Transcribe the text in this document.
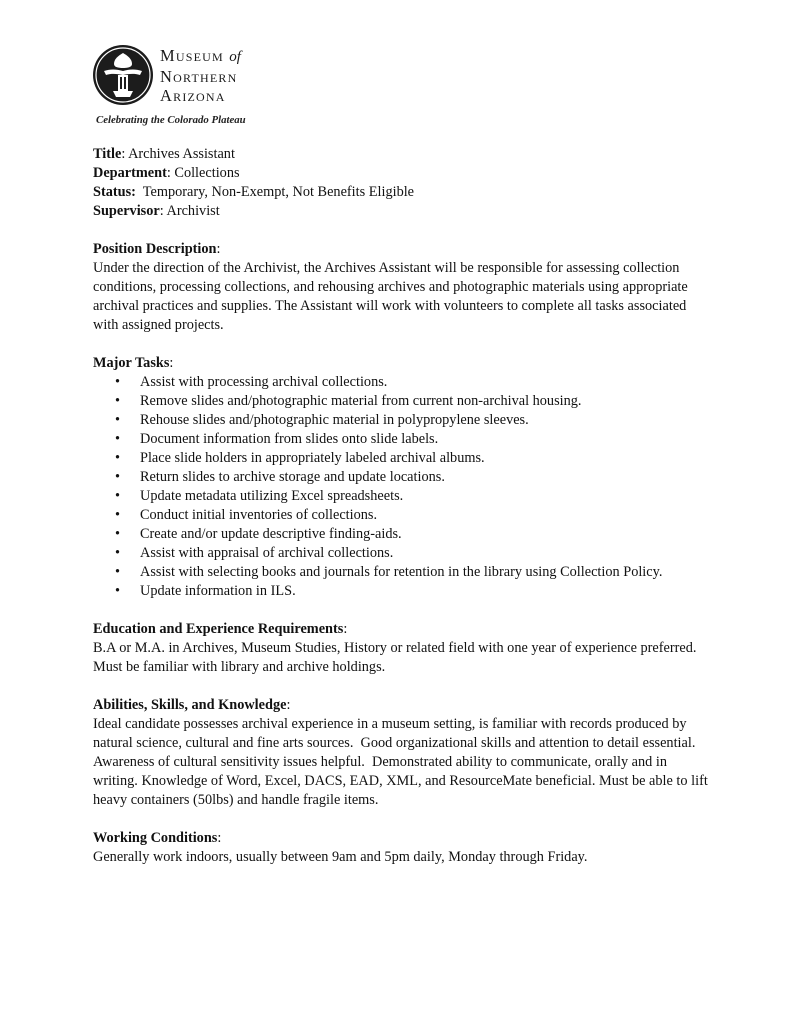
Museum of
Northern
Arizona
Celebrating the Colorado Plateau

Title: Archives Assistant

Department: Collections

Status:  Temporary, Non-Exempt, Not Benefits Eligible

Supervisor: Archivist

Position Description:

Under the direction of the Archivist, the Archives Assistant will be responsible for assessing collection conditions, processing collections, and rehousing archives and photographic materials using appropriate archival practices and supplies. The Assistant will work with volunteers to complete all tasks associated with assigned projects.

Major Tasks:

• Assist with processing archival collections.
• Remove slides and/photographic material from current non-archival housing.
• Rehouse slides and/photographic material in polypropylene sleeves.
• Document information from slides onto slide labels.
• Place slide holders in appropriately labeled archival albums.
• Return slides to archive storage and update locations.
• Update metadata utilizing Excel spreadsheets.
• Conduct initial inventories of collections.
• Create and/or update descriptive finding-aids.
• Assist with appraisal of archival collections.
• Assist with selecting books and journals for retention in the library using Collection Policy.
• Update information in ILS.

Education and Experience Requirements:

B.A or M.A. in Archives, Museum Studies, History or related field with one year of experience preferred.  Must be familiar with library and archive holdings.

Abilities, Skills, and Knowledge:

Ideal candidate possesses archival experience in a museum setting, is familiar with records produced by natural science, cultural and fine arts sources.  Good organizational skills and attention to detail essential. Awareness of cultural sensitivity issues helpful.  Demonstrated ability to communicate, orally and in writing. Knowledge of Word, Excel, DACS, EAD, XML, and ResourceMate beneficial. Must be able to lift heavy containers (50lbs) and handle fragile items.

Working Conditions:

Generally work indoors, usually between 9am and 5pm daily, Monday through Friday.
